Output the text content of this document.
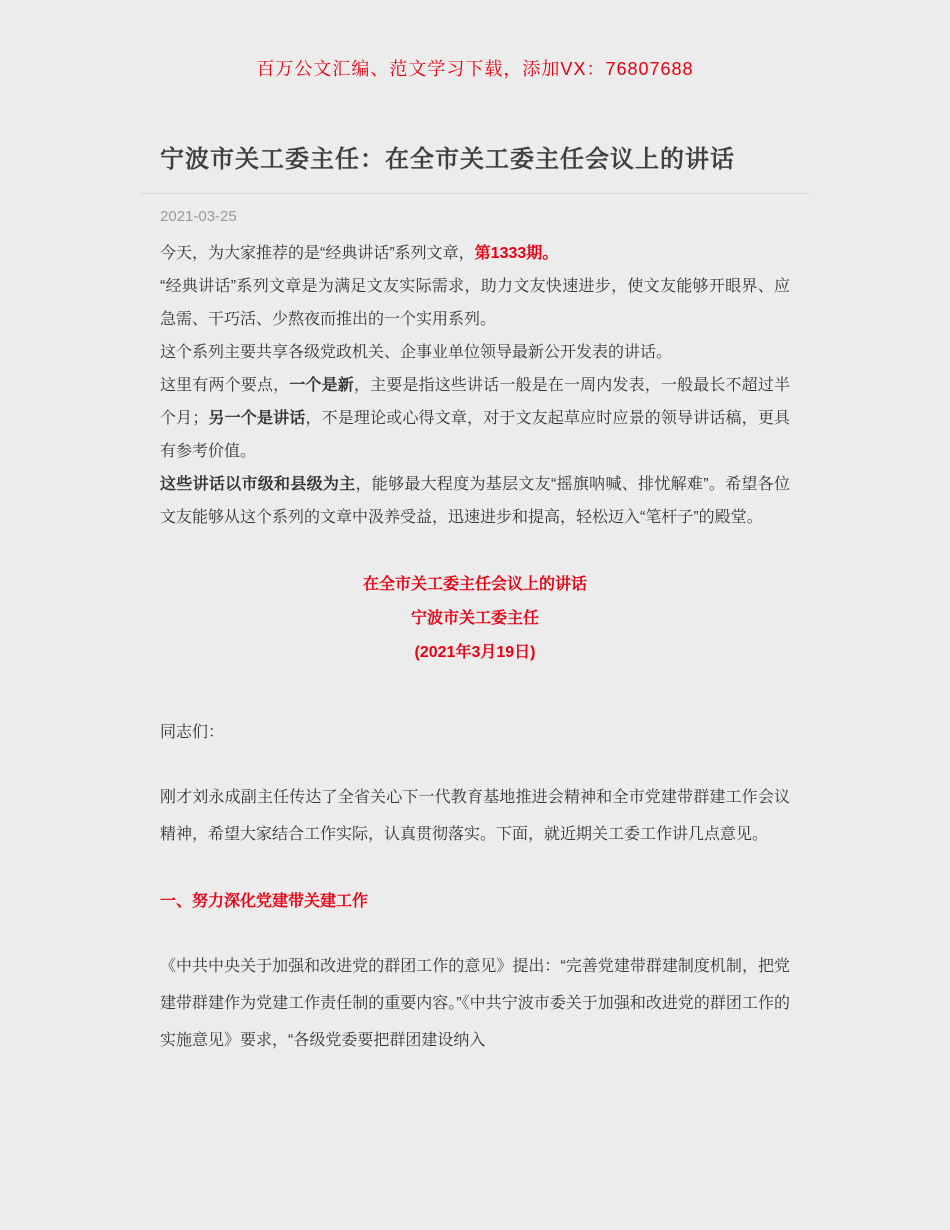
百万公文汇编、范文学习下载，添加VX：76807688
宁波市关工委主任：在全市关工委主任会议上的讲话
2021-03-25

今天，为大家推荐的是“经典讲话”系列文章，第1333期。

“经典讲话”系列文章是为满足文友实际需求，助力文友快速进步，使文友能够开眼界、应急需、干巧活、少熬夜而推出的一个实用系列。

这个系列主要共享各级党政机关、企事业单位领导最新公开发表的讲话。

这里有两个要点，一个是新，主要是指这些讲话一般是在一周内发表，一般最长不超过半个月；另一个是讲话，不是理论或心得文章，对于文友起草应时应景的领导讲话稿，更具有参考价值。

这些讲话以市级和县级为主，能够最大程度为基层文友“摇旗呐喊、排忧解难”。希望各位文友能够从这个系列的文章中汲养受益，迅速进步和提高，轻松迈入“笔杆子”的殿堂。

在全市关工委主任会议上的讲话

宁波市关工委主任

(2021年3月19日)

同志们：

刚才刘永成副主任传达了全省关心下一代教育基地推进会精神和全市党建带群建工作会议精神，希望大家结合工作实际，认真贯彻落实。下面，就近期关工委工作讲几点意见。

一、努力深化党建带关建工作

《中共中央关于加强和改进党的群团工作的意见》提出：“完善党建带群建制度机制，把党建带群建作为党建工作责任制的重要内容。”《中共宁波市委关于加强和改进党的群团工作的实施意见》要求，“各级党委要把群团建设纳入
